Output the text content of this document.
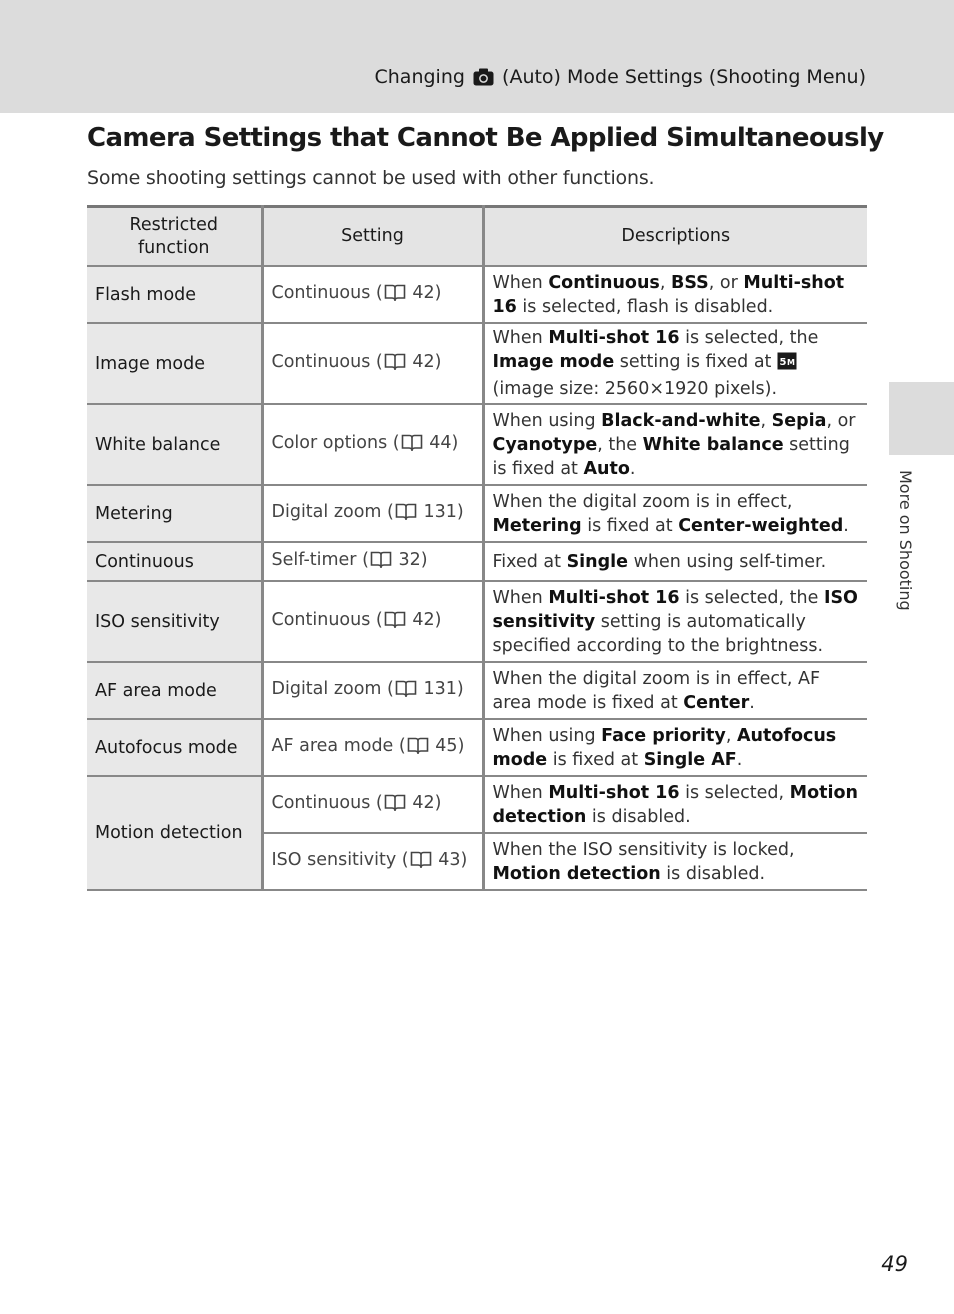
Changing (Auto) Mode Settings (Shooting Menu)
Camera Settings that Cannot Be Applied Simultaneously
Some shooting settings cannot be used with other functions.
Restricted function	Setting	Descriptions
Flash mode	Continuous ( 42)	When Continuous, BSS, or Multi-shot 16 is selected, flash is disabled.
Image mode	Continuous ( 42)	When Multi-shot 16 is selected, the Image mode setting is fixed at 5 M
(image size: 2560×1920 pixels).
White balance	Color options ( 44)	When using Black-and-white, Sepia, or Cyanotype, the White balance setting is fixed at Auto.
Metering	Digital zoom ( 131)	When the digital zoom is in effect, Metering is fixed at Center-weighted.
Continuous	Self-timer ( 32)	Fixed at Single when using self-timer.
ISO sensitivity	Continuous ( 42)	When Multi-shot 16 is selected, the ISO sensitivity setting is automatically specified according to the brightness.
AF area mode	Digital zoom ( 131)	When the digital zoom is in effect, AF area mode is fixed at Center.
Autofocus mode	AF area mode ( 45)	When using Face priority, Autofocus mode is fixed at Single AF.
Motion detection	Continuous ( 42)	When Multi-shot 16 is selected, Motion detection is disabled.
	ISO sensitivity ( 43)	When the ISO sensitivity is locked, Motion detection is disabled.
More on Shooting
49
